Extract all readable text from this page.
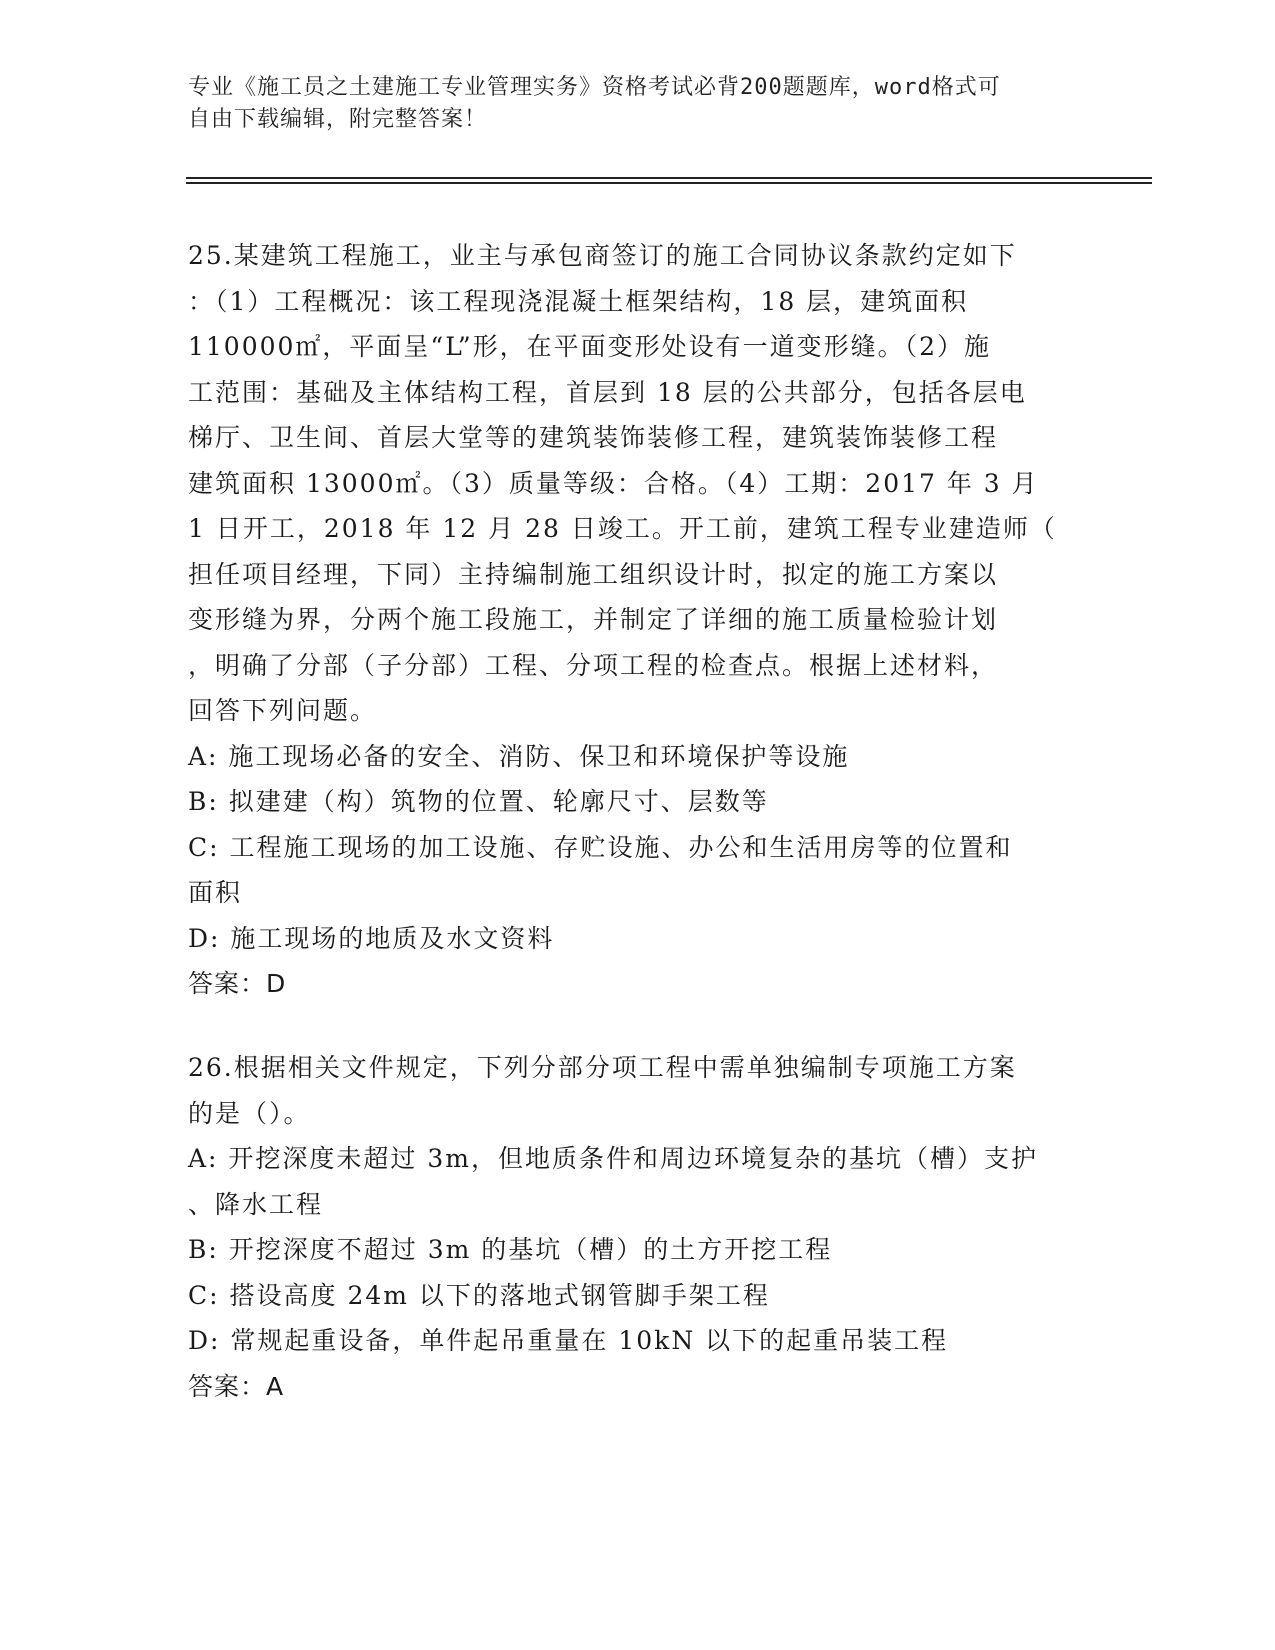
专业《施工员之土建施工专业管理实务》资格考试必背200题题库，word格式可
自由下载编辑，附完整答案！
25.某建筑工程施工，业主与承包商签订的施工合同协议条款约定如下
：（1）工程概况：该工程现浇混凝土框架结构，18 层，建筑面积
110000㎡，平面呈“L”形，在平面变形处设有一道变形缝。（2）施
工范围：基础及主体结构工程，首层到 18 层的公共部分，包括各层电
梯厅、卫生间、首层大堂等的建筑装饰装修工程，建筑装饰装修工程
建筑面积 13000㎡。（3）质量等级：合格。（4）工期：2017 年 3 月
1 日开工，2018 年 12 月 28 日竣工。开工前，建筑工程专业建造师（
担任项目经理，下同）主持编制施工组织设计时，拟定的施工方案以
变形缝为界，分两个施工段施工，并制定了详细的施工质量检验计划
，明确了分部（子分部）工程、分项工程的检查点。根据上述材料，
回答下列问题。
A: 施工现场必备的安全、消防、保卫和环境保护等设施
B: 拟建建（构）筑物的位置、轮廓尺寸、层数等
C: 工程施工现场的加工设施、存贮设施、办公和生活用房等的位置和
面积
D: 施工现场的地质及水文资料
答案：D
26.根据相关文件规定，下列分部分项工程中需单独编制专项施工方案
的是（）。
A: 开挖深度未超过 3m，但地质条件和周边环境复杂的基坑（槽）支护
、降水工程
B: 开挖深度不超过 3m 的基坑（槽）的土方开挖工程
C: 搭设高度 24m 以下的落地式钢管脚手架工程
D: 常规起重设备，单件起吊重量在 10kN 以下的起重吊装工程
答案：A
